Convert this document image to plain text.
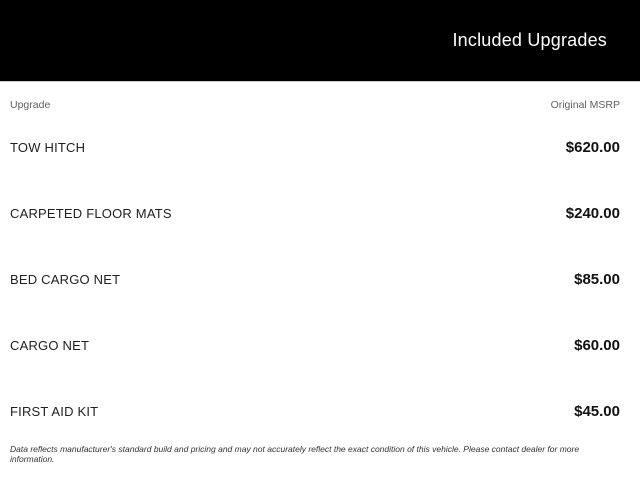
Included Upgrades
Upgrade	Original MSRP
TOW HITCH	$620.00
CARPETED FLOOR MATS	$240.00
BED CARGO NET	$85.00
CARGO NET	$60.00
FIRST AID KIT	$45.00
Data reflects manufacturer's standard build and pricing and may not accurately reflect the exact condition of this vehicle. Please contact dealer for more information.
